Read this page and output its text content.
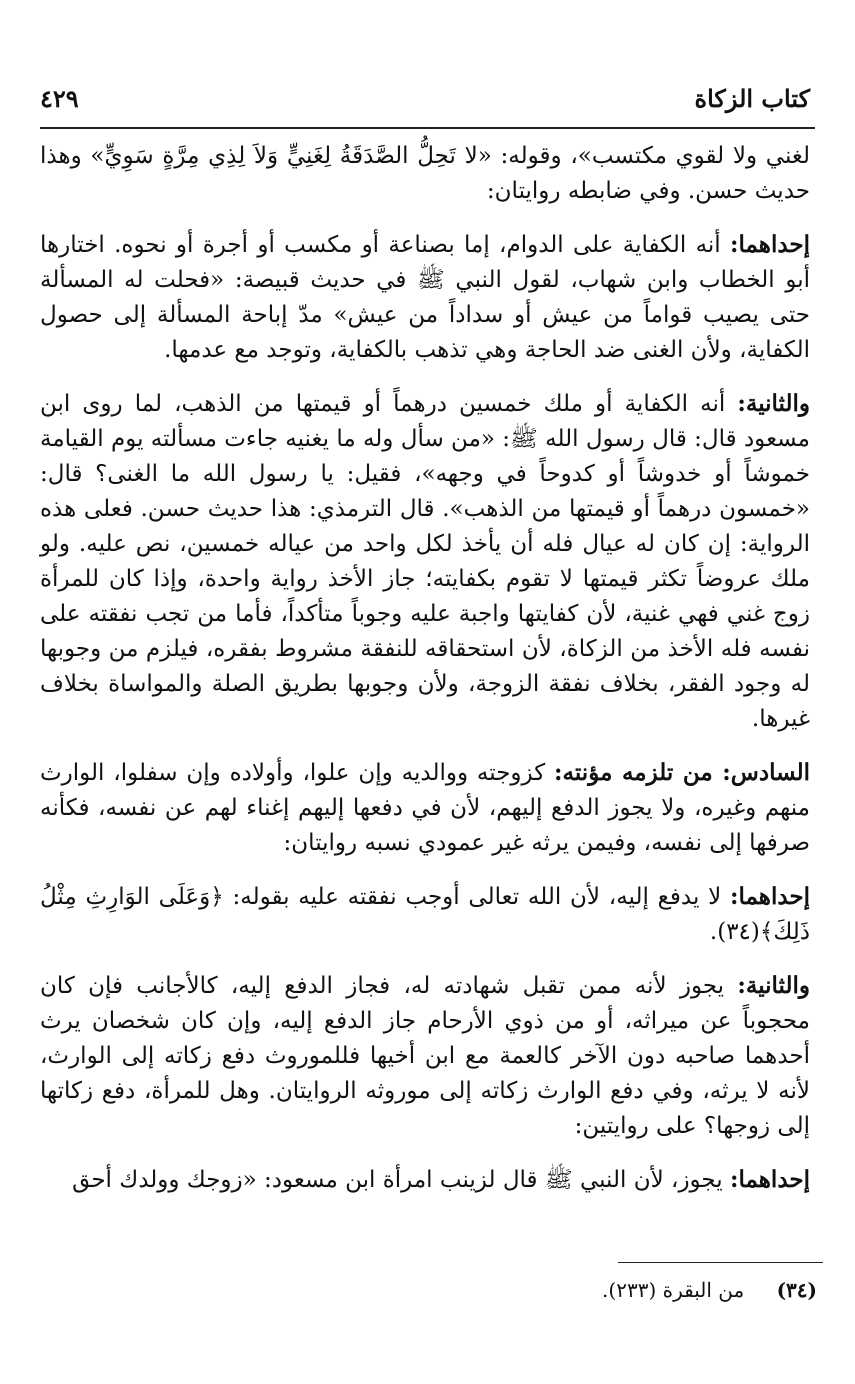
٤٢٩	كتاب الزكاة

لغني ولا لقوي مكتسب»، وقوله: «لا تَحِلُّ الصَّدَقَةُ لِغَنِيٍّ وَلاَ لِذِي مِرَّةٍ سَوِيٍّ» وهذا حديث حسن. وفي ضابطه روايتان:

إحداهما: أنه الكفاية على الدوام، إما بصناعة أو مكسب أو أجرة أو نحوه. اختارها أبو الخطاب وابن شهاب، لقول النبي ﷺ في حديث قبيصة: «فحلت له المسألة حتى يصيب قواماً من عيش أو سداداً من عيش» مدّ إباحة المسألة إلى حصول الكفاية، ولأن الغنى ضد الحاجة وهي تذهب بالكفاية، وتوجد مع عدمها.

والثانية: أنه الكفاية أو ملك خمسين درهماً أو قيمتها من الذهب، لما روى ابن مسعود قال: قال رسول الله ﷺ: «من سأل وله ما يغنيه جاءت مسألته يوم القيامة خموشاً أو خدوشاً أو كدوحاً في وجهه»، فقيل: يا رسول الله ما الغنى؟ قال: «خمسون درهماً أو قيمتها من الذهب». قال الترمذي: هذا حديث حسن. فعلى هذه الرواية: إن كان له عيال فله أن يأخذ لكل واحد من عياله خمسين، نص عليه. ولو ملك عروضاً تكثر قيمتها لا تقوم بكفايته؛ جاز الأخذ رواية واحدة، وإذا كان للمرأة زوج غني فهي غنية، لأن كفايتها واجبة عليه وجوباً متأكداً، فأما من تجب نفقته على نفسه فله الأخذ من الزكاة، لأن استحقاقه للنفقة مشروط بفقره، فيلزم من وجوبها له وجود الفقر، بخلاف نفقة الزوجة، ولأن وجوبها بطريق الصلة والمواساة بخلاف غيرها.

السادس: من تلزمه مؤنته: كزوجته ووالديه وإن علوا، وأولاده وإن سفلوا، الوارث منهم وغيره، ولا يجوز الدفع إليهم، لأن في دفعها إليهم إغناء لهم عن نفسه، فكأنه صرفها إلى نفسه، وفيمن يرثه غير عمودي نسبه روايتان:

إحداهما: لا يدفع إليه، لأن الله تعالى أوجب نفقته عليه بقوله: ﴿وَعَلَى الوَارِثِ مِثْلُ ذَلِكَ﴾(٣٤).

والثانية: يجوز لأنه ممن تقبل شهادته له، فجاز الدفع إليه، كالأجانب فإن كان محجوباً عن ميراثه، أو من ذوي الأرحام جاز الدفع إليه، وإن كان شخصان يرث أحدهما صاحبه دون الآخر كالعمة مع ابن أخيها فللموروث دفع زكاته إلى الوارث، لأنه لا يرثه، وفي دفع الوارث زكاته إلى موروثه الروايتان. وهل للمرأة، دفع زكاتها إلى زوجها؟ على روايتين:

إحداهما: يجوز، لأن النبي ﷺ قال لزينب امرأة ابن مسعود: «زوجك وولدك أحق

(٣٤) من البقرة (٢٣٣).
